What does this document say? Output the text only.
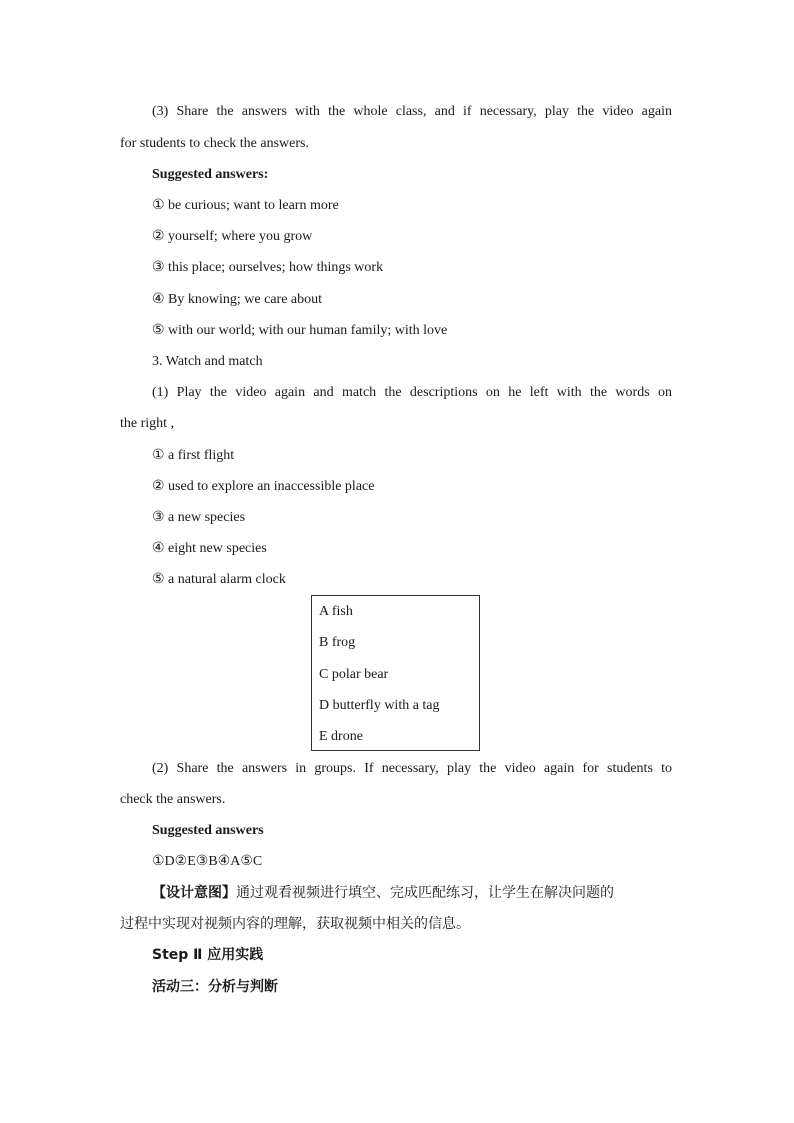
(3) Share the answers with the whole class, and if necessary, play the video again
for students to check the answers.
Suggested answers:
① be curious; want to learn more
② yourself; where you grow
③ this place; ourselves; how things work
④ By knowing; we care about
⑤ with our world; with our human family; with love
3. Watch and match
(1) Play the video again and match the descriptions on he left with the words on
the right ,
① a first flight
② used to explore an inaccessible place
③ a new species
④ eight new species
⑤ a natural alarm clock
A fish
B frog
C polar bear
D butterfly with a tag
E drone
(2) Share the answers in groups. If necessary, play the video again for students to
check the answers.
Suggested answers
①D②E③B④A⑤C
【设计意图】通过观看视频进行填空、完成匹配练习，让学生在解决问题的
过程中实现对视频内容的理解，获取视频中相关的信息。
Step Ⅱ 应用实践
活动三：分析与判断
